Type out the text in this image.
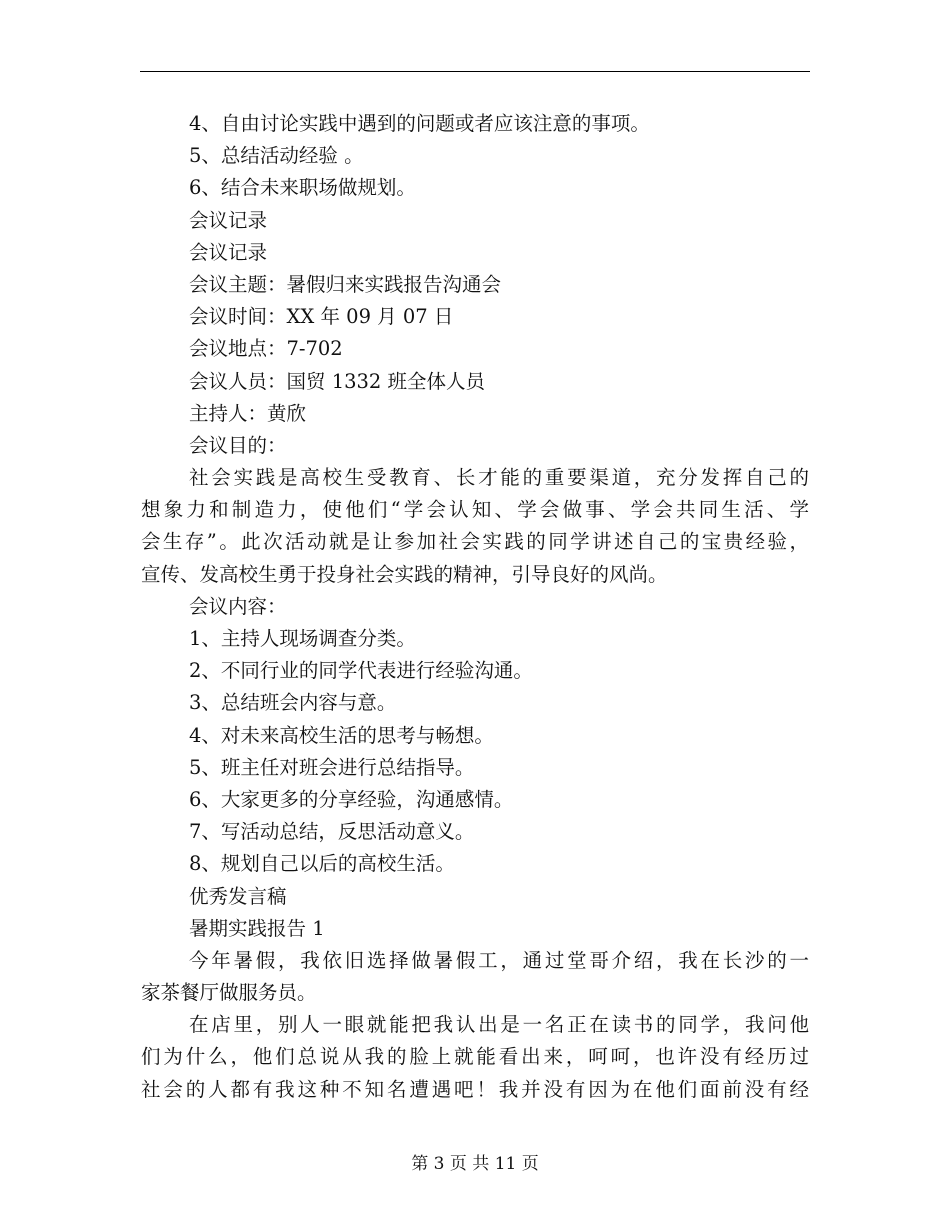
4、自由讨论实践中遇到的问题或者应该注意的事项。
5、总结活动经验 。
6、结合未来职场做规划。
会议记录
会议记录
会议主题：暑假归来实践报告沟通会
会议时间：XX 年 09 月 07 日
会议地点：7-702
会议人员：国贸 1332 班全体人员
主持人：黄欣
会议目的：
社会实践是高校生受教育、长才能的重要渠道，充分发挥自己的
想象力和制造力，使他们“学会认知、学会做事、学会共同生活、学
会生存”。此次活动就是让参加社会实践的同学讲述自己的宝贵经验，
宣传、发高校生勇于投身社会实践的精神，引导良好的风尚。
会议内容：
1、主持人现场调查分类。
2、不同行业的同学代表进行经验沟通。
3、总结班会内容与意。
4、对未来高校生活的思考与畅想。
5、班主任对班会进行总结指导。
6、大家更多的分享经验，沟通感情。
7、写活动总结，反思活动意义。
8、规划自己以后的高校生活。
优秀发言稿
暑期实践报告 1
今年暑假，我依旧选择做暑假工，通过堂哥介绍，我在长沙的一
家茶餐厅做服务员。
在店里，别人一眼就能把我认出是一名正在读书的同学，我问他
们为什么，他们总说从我的脸上就能看出来，呵呵，也许没有经历过
社会的人都有我这种不知名遭遇吧！我并没有因为在他们面前没有经
第 3 页 共 11 页
